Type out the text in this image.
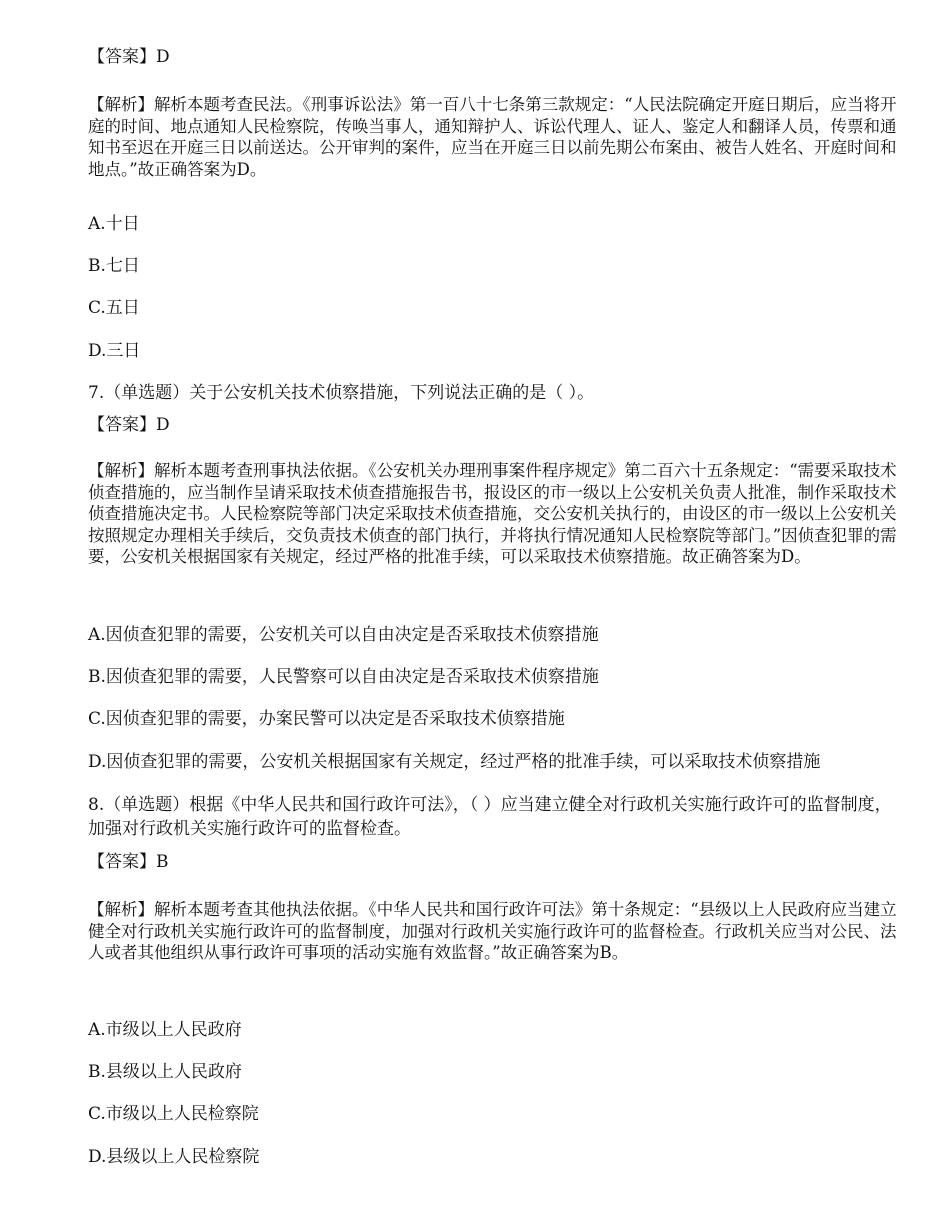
【答案】D
【解析】解析本题考查民法。《刑事诉讼法》第一百八十七条第三款规定：“人民法院确定开庭日期后，应当将开庭的时间、地点通知人民检察院，传唤当事人，通知辩护人、诉讼代理人、证人、鉴定人和翻译人员，传票和通知书至迟在开庭三日以前送达。公开审判的案件，应当在开庭三日以前先期公布案由、被告人姓名、开庭时间和地点。”故正确答案为D。
A.十日
B.七日
C.五日
D.三日
7.（单选题）关于公安机关技术侦察措施，下列说法正确的是（ ）。
【答案】D
【解析】解析本题考查刑事执法依据。《公安机关办理刑事案件程序规定》第二百六十五条规定：“需要采取技术侦查措施的，应当制作呈请采取技术侦查措施报告书，报设区的市一级以上公安机关负责人批准，制作采取技术侦查措施决定书。人民检察院等部门决定采取技术侦查措施，交公安机关执行的，由设区的市一级以上公安机关按照规定办理相关手续后，交负责技术侦查的部门执行，并将执行情况通知人民检察院等部门。”因侦查犯罪的需要，公安机关根据国家有关规定，经过严格的批准手续，可以采取技术侦察措施。故正确答案为D。
A.因侦查犯罪的需要，公安机关可以自由决定是否采取技术侦察措施
B.因侦查犯罪的需要，人民警察可以自由决定是否采取技术侦察措施
C.因侦查犯罪的需要，办案民警可以决定是否采取技术侦察措施
D.因侦查犯罪的需要，公安机关根据国家有关规定，经过严格的批准手续，可以采取技术侦察措施
8.（单选题）根据《中华人民共和国行政许可法》，（ ）应当建立健全对行政机关实施行政许可的监督制度，加强对行政机关实施行政许可的监督检查。
【答案】B
【解析】解析本题考查其他执法依据。《中华人民共和国行政许可法》第十条规定：“县级以上人民政府应当建立健全对行政机关实施行政许可的监督制度，加强对行政机关实施行政许可的监督检查。行政机关应当对公民、法人或者其他组织从事行政许可事项的活动实施有效监督。”故正确答案为B。
A.市级以上人民政府
B.县级以上人民政府
C.市级以上人民检察院
D.县级以上人民检察院
